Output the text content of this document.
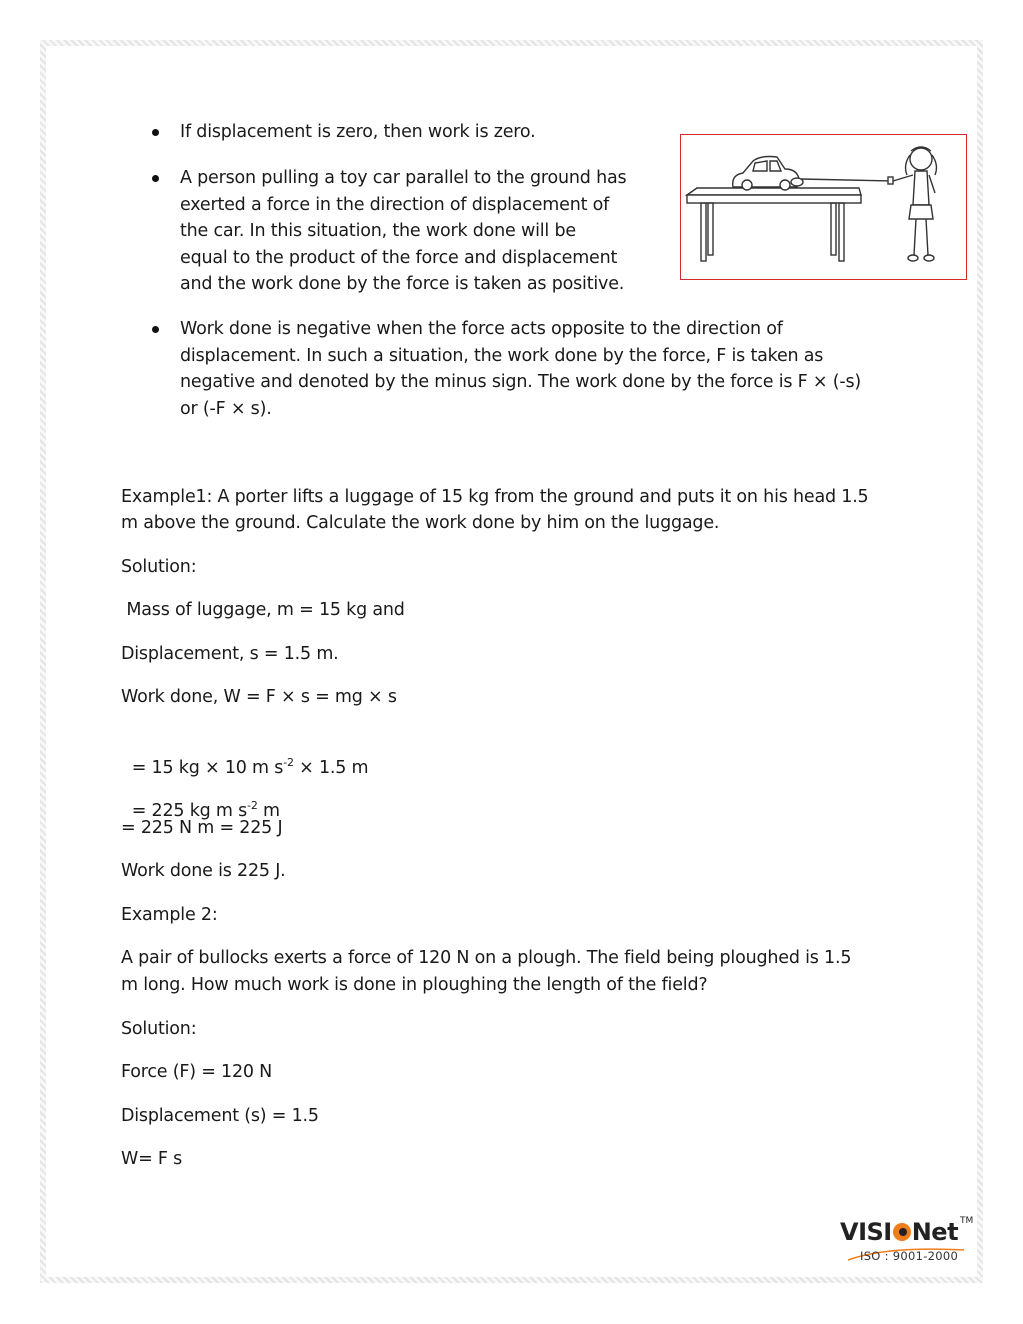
If displacement is zero, then work is zero.
A person pulling a toy car parallel to the ground has
exerted a force in the direction of displacement of
the car. In this situation, the work done will be
equal to the product of the force and displacement
and the work done by the force is taken as positive.
Work done is negative when the force acts opposite to the direction of
displacement. In such a situation, the work done by the force, F is taken as
negative and denoted by the minus sign. The work done by the force is F × (-s)
or (-F × s).
Example1: A porter lifts a luggage of 15 kg from the ground and puts it on his head 1.5
m above the ground. Calculate the work done by him on the luggage.
Solution:
Mass of luggage, m = 15 kg and
Displacement, s = 1.5 m.
Work done, W = F × s = mg × s

= 15 kg × 10 m $s^{-2} \times 1.5$ m

= 225 kg m $s^{-2}$ m

= 225 N m = 225 J
Work done is 225 J.
Example 2:
A pair of bullocks exerts a force of 120 N on a plough. The field being ploughed is 1.5
m long. How much work is done in ploughing the length of the field?
Solution:
Force (F) = 120 N
Displacement (s) = 1.5
W= F s
VISI Net TM
ISO : 9001-2000
